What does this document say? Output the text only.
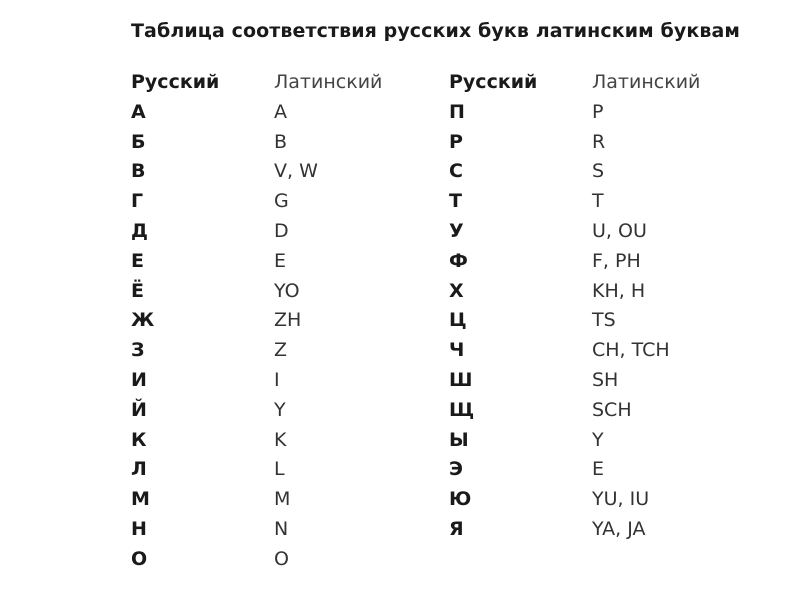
Таблица соответствия русских букв латинским буквам
Русский	Латинский	Русский	Латинский
А	A	П	P
Б	B	Р	R
В	V, W	С	S
Г	G	Т	T
Д	D	У	U, OU
Е	E	Ф	F, PH
Ё	YO	Х	KH, H
Ж	ZH	Ц	TS
З	Z	Ч	CH, TCH
И	I	Ш	SH
Й	Y	Щ	SCH
К	K	Ы	Y
Л	L	Э	E
М	M	Ю	YU, IU
Н	N	Я	YA, JA
О	O		
